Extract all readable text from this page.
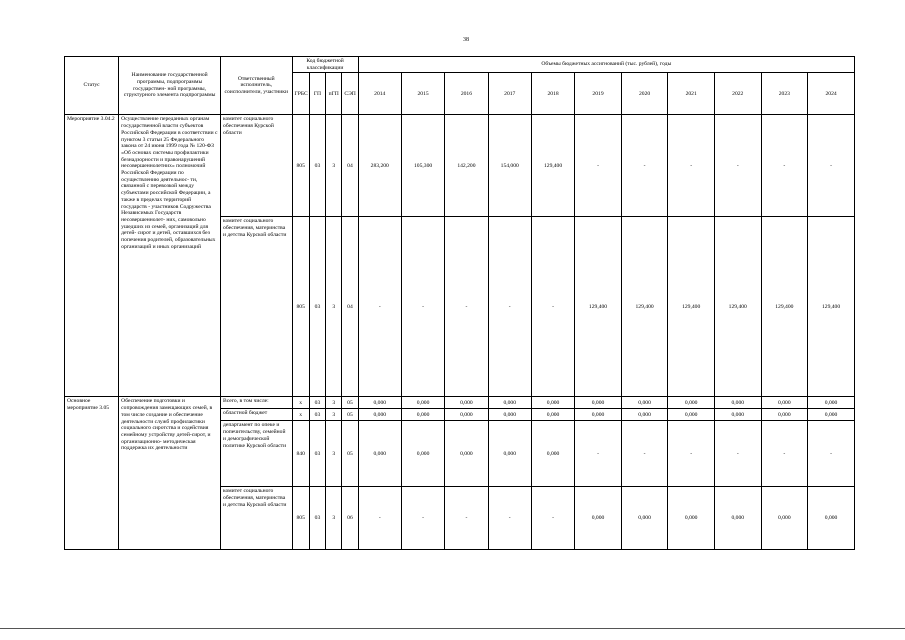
38
Статус	Наименование государственной программы, подпрограммы государствен- ной программы, структурного элемента подпрограммы	Ответственный исполнитель, соисполнители, участники	Код бюджетной классификации				Объемы бюджетных ассигнований (тыс. рублей), годы										
			ГРБС	ГП	пГП	СЭП	2014	2015	2016	2017	2018	2019	2020	2021	2022	2023	2024
Мероприятие 3.04.2	Осуществление переданных органам государственной власти субъектов Российской Федерации в соответствии с пунктом 3 статьи 25 Федерального закона от 24 июня 1999 года № 120-ФЗ «Об основах системы профилактики безнадзорности и правонарушений несовершеннолетних» полномочий Российской Федерации по осуществлению деятельнос- ти, связанной с перевозкой между субъектами российской Федерации, а также в пределах территорий государств - участников Содружества Независимых Государств несовершеннолет- них, самовольно ушедших из семей, организаций для детей- сирот и детей, оставшихся без попечения родителей, образовательных организаций и иных организаций	комитет социального обеспечения Курской области	805	03	3	04	283,200	105,300	142,200	154,000	129,400	-	-	-	-	-	-
		комитет социального обеспечения, материнства и детства Курской области	805	03	3	04	-	-	-	-	-	129,400	129,400	129,400	129,400	129,400	129,400
Основное мероприятие 3.05	Обеспечение подготовки и сопровождения замещающих семей, в том числе создание и обеспечение деятельности служб профилактики социального сиротства и содействия семейному устройству детей-сирот, и организационно- методическая поддержка их деятельности	Всего, в том числе:	х	03	3	05	0,000	0,000	0,000	0,000	0,000	0,000	0,000	0,000	0,000	0,000	0,000
		областной бюджет	х	03	3	05	0,000	0,000	0,000	0,000	0,000	0,000	0,000	0,000	0,000	0,000	0,000
		департамент по опеке и попечительству, семейной и демографической политике Курской области	840	03	3	05	0,000	0,000	0,000	0,000	0,000	-	-	-	-	-	-
		комитет социального обеспечения, материнства и детства Курской области	805	03	3	06	-	-	-	-	-	0,000	0,000	0,000	0,000	0,000	0,000
